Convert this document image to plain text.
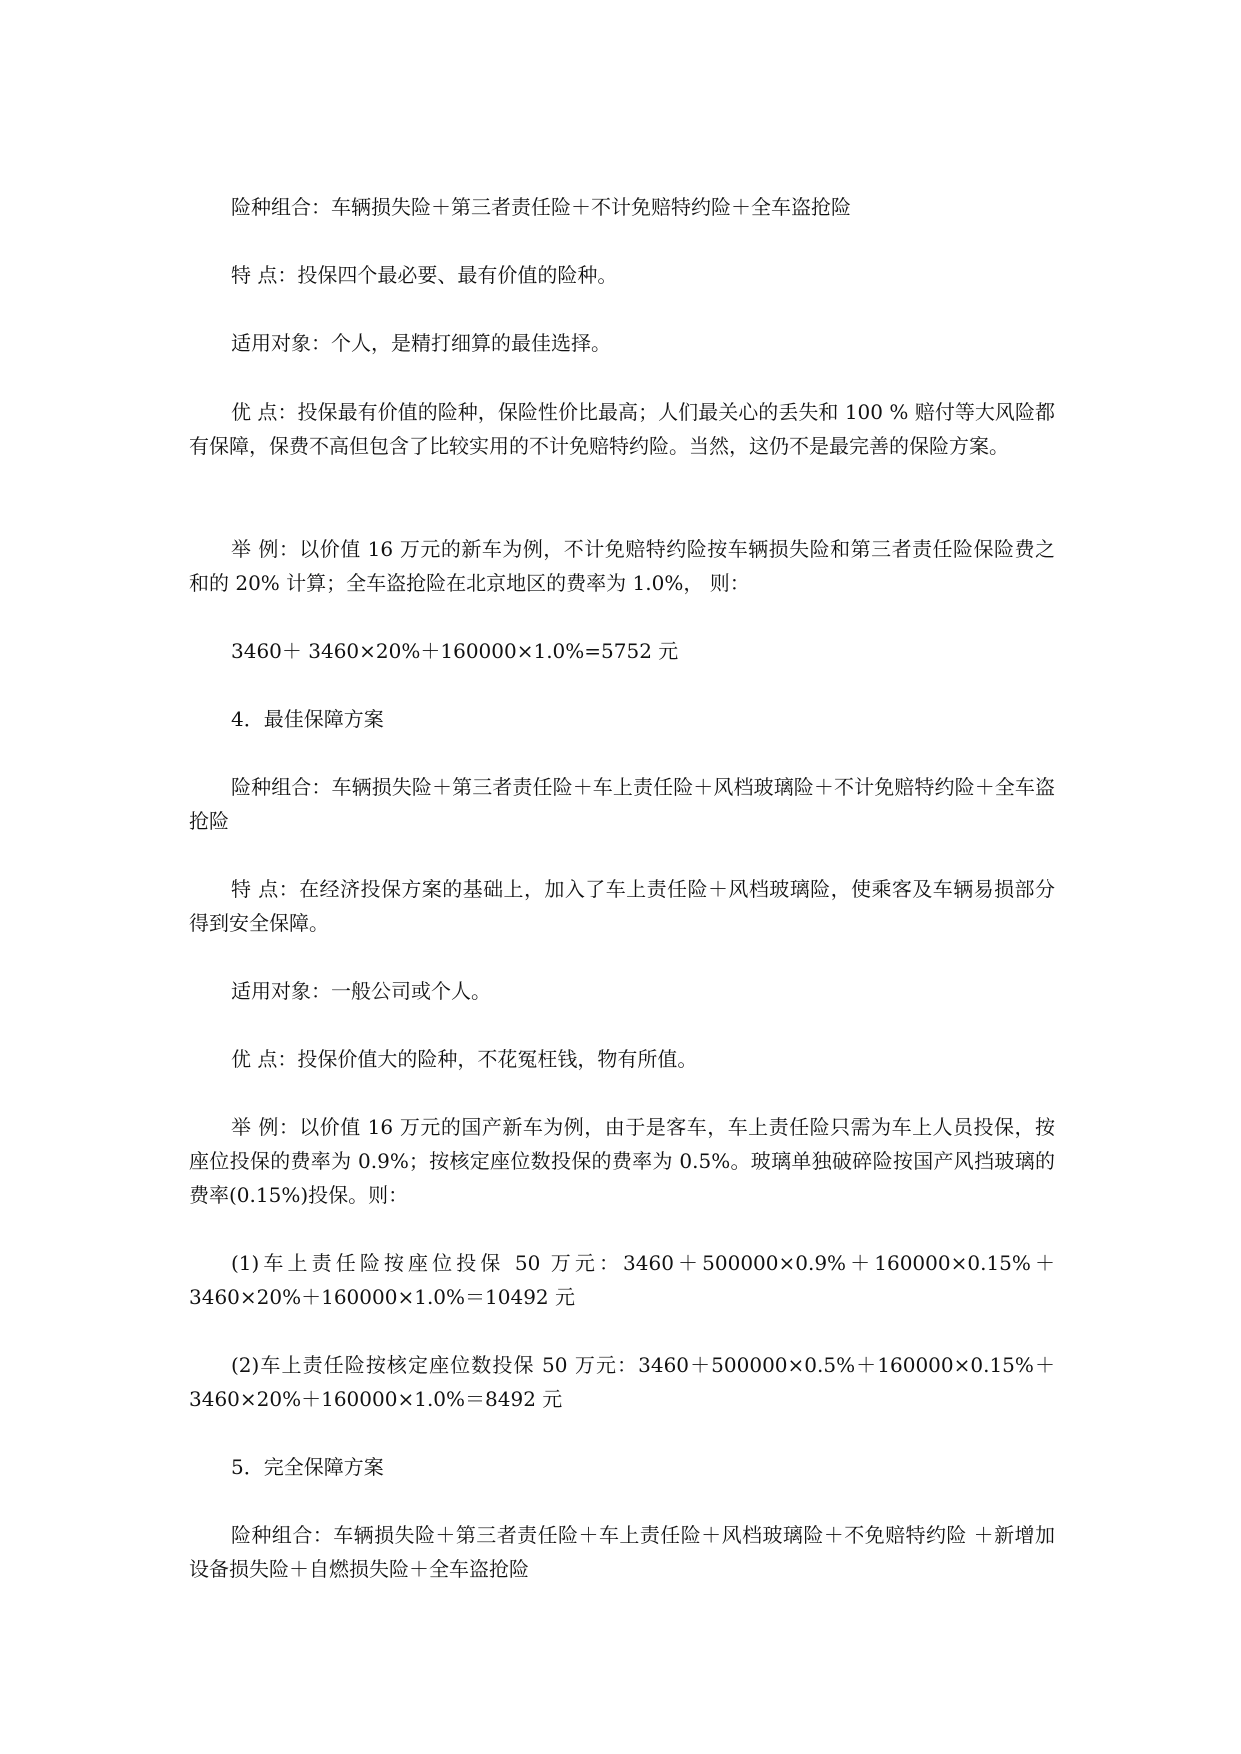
险种组合：车辆损失险＋第三者责任险＋不计免赔特约险＋全车盗抢险

特 点：投保四个最必要、最有价值的险种。

适用对象：个人，是精打细算的最佳选择。

优 点：投保最有价值的险种，保险性价比最高；人们最关心的丢失和 100 % 赔付等大风险都有保障，保费不高但包含了比较实用的不计免赔特约险。当然，这仍不是最完善的保险方案。

举 例：以价值 16 万元的新车为例，不计免赔特约险按车辆损失险和第三者责任险保险费之和的 20% 计算；全车盗抢险在北京地区的费率为 1.0%， 则：

3460＋ 3460×20%＋160000×1.0%=5752 元

4．最佳保障方案

险种组合：车辆损失险＋第三者责任险＋车上责任险＋风档玻璃险＋不计免赔特约险＋全车盗抢险

特 点：在经济投保方案的基础上，加入了车上责任险＋风档玻璃险，使乘客及车辆易损部分得到安全保障。

适用对象：一般公司或个人。

优 点：投保价值大的险种，不花冤枉钱，物有所值。

举 例：以价值 16 万元的国产新车为例，由于是客车，车上责任险只需为车上人员投保，按座位投保的费率为 0.9%；按核定座位数投保的费率为 0.5%。玻璃单独破碎险按国产风挡玻璃的费率(0.15%)投保。则：

(1)车上责任险按座位投保 50 万元：3460＋500000×0.9%＋160000×0.15%＋3460×20%＋160000×1.0%＝10492 元

(2)车上责任险按核定座位数投保 50 万元：3460＋500000×0.5%＋160000×0.15%＋3460×20%＋160000×1.0%＝8492 元

5．完全保障方案

险种组合：车辆损失险＋第三者责任险＋车上责任险＋风档玻璃险＋不免赔特约险 ＋新增加设备损失险＋自燃损失险＋全车盗抢险
